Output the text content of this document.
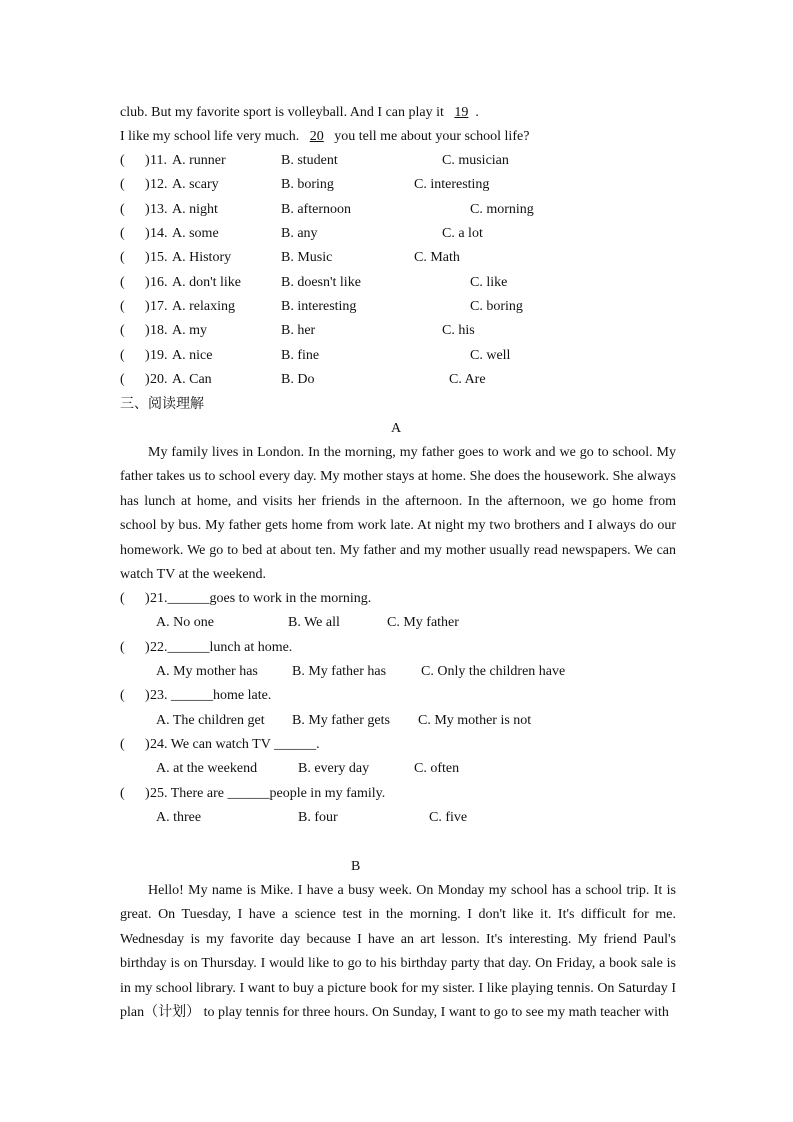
club. But my favorite sport is volleyball. And I can play it 19 .
I like my school life very much. 20 you tell me about your school life?
( ) 11. A. runner	B. student	C. musician
( ) 12. A. scary	B. boring	C. interesting
( ) 13. A. night	B. afternoon	C. morning
( ) 14. A. some	B. any	C. a lot
( ) 15. A. History	B. Music	C. Math
( ) 16. A. don't like	B. doesn't like	C. like
( ) 17. A. relaxing	B. interesting	C. boring
( ) 18. A. my	B. her	C. his
( ) 19. A. nice	B. fine	C. well
( ) 20. A. Can	B. Do	C. Are
三、阅读理解
A
My family lives in London. In the morning, my father goes to work and we go to school. My father takes us to school every day. My mother stays at home. She does the housework. She always has lunch at home, and visits her friends in the afternoon. In the afternoon, we go home from school by bus. My father gets home from work late. At night my two brothers and I always do our homework. We go to bed at about ten. My father and my mother usually read newspapers. We can watch TV at the weekend.
( ) 21.______goes to work in the morning.
A. No one	B. We all	C. My father
( ) 22.______lunch at home.
A. My mother has B. My father has C. Only the children have
( ) 23. ______home late.
A. The children get B. My father gets C. My mother is not
( ) 24. We can watch TV ______.
A. at the weekend	B. every day	C. often
( ) 25. There are ______people in my family.
A. three	B. four	C. five
B
Hello! My name is Mike. I have a busy week. On Monday my school has a school trip. It is great. On Tuesday, I have a science test in the morning. I don't like it. It's difficult for me. Wednesday is my favorite day because I have an art lesson. It's interesting. My friend Paul's birthday is on Thursday. I would like to go to his birthday party that day. On Friday, a book sale is in my school library. I want to buy a picture book for my sister. I like playing tennis. On Saturday I plan（计划） to play tennis for three hours. On Sunday, I want to go to see my math teacher with
